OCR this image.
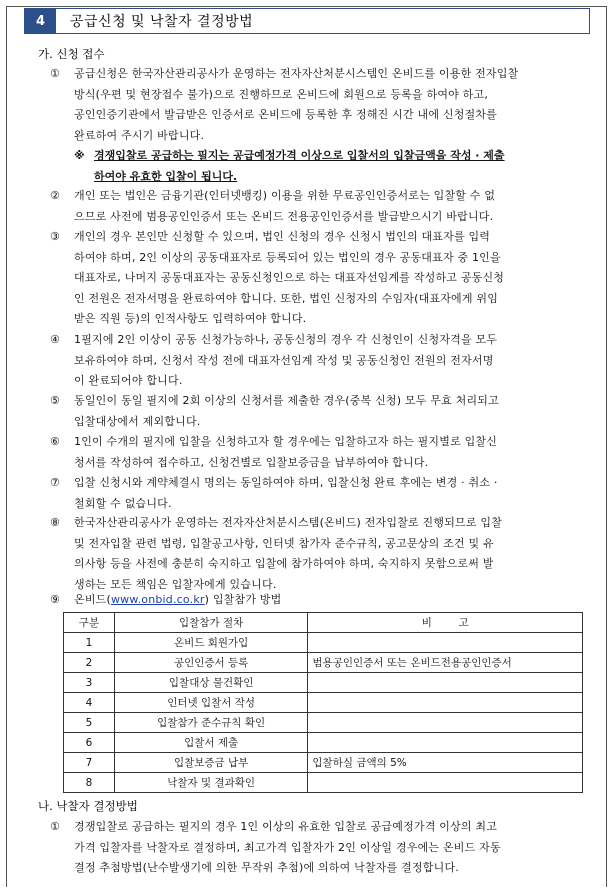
4	공급신청 및 낙찰자 결정방법
가. 신청 접수
①	공급신청은 한국자산관리공사가 운영하는 전자자산처분시스템인 온비드를 이용한 전자입찰
방식(우편 및 현장접수 불가)으로 진행하므로 온비드에 회원으로 등록을 하여야 하고,
공인인증기관에서 발급받은 인증서로 온비드에 등록한 후 정해진 시간 내에 신청절차를
완료하여 주시기 바랍니다.
※ 경쟁입찰로 공급하는 필지는 공급예정가격 이상으로 입찰서의 입찰금액을 작성 · 제출
하여야 유효한 입찰이 됩니다.
②	개인 또는 법인은 금융기관(인터넷뱅킹) 이용을 위한 무료공인인증서로는 입찰할 수 없
으므로 사전에 범용공인인증서 또는 온비드 전용공인인증서를 발급받으시기 바랍니다.
③	개인의 경우 본인만 신청할 수 있으며, 법인 신청의 경우 신청시 법인의 대표자를 입력
하여야 하며, 2인 이상의 공동대표자로 등록되어 있는 법인의 경우 공동대표자 중 1인을
대표자로, 나머지 공동대표자는 공동신청인으로 하는 대표자선임계를 작성하고 공동신청
인 전원은 전자서명을 완료하여야 합니다. 또한, 법인 신청자의 수임자(대표자에게 위임
받은 직원 등)의 인적사항도 입력하여야 합니다.
④	1필지에 2인 이상이 공동 신청가능하나, 공동신청의 경우 각 신청인이 신청자격을 모두
보유하여야 하며, 신청서 작성 전에 대표자선임계 작성 및 공동신청인 전원의 전자서명
이 완료되어야 합니다.
⑤	동일인이 동일 필지에 2회 이상의 신청서를 제출한 경우(중복 신청) 모두 무효 처리되고
입찰대상에서 제외합니다.
⑥	1인이 수개의 필지에 입찰을 신청하고자 할 경우에는 입찰하고자 하는 필지별로 입찰신
청서를 작성하여 접수하고, 신청건별로 입찰보증금을 납부하여야 합니다.
⑦	입찰 신청시와 계약체결시 명의는 동일하여야 하며, 입찰신청 완료 후에는 변경 · 취소 ·
철회할 수 없습니다.
⑧	한국자산관리공사가 운영하는 전자자산처분시스템(온비드) 전자입찰로 진행되므로 입찰
및 전자입찰 관련 법령, 입찰공고사항, 인터넷 참가자 준수규칙, 공고문상의 조건 및 유
의사항 등을 사전에 충분히 숙지하고 입찰에 참가하여야 하며, 숙지하지 못함으로써 발
생하는 모든 책임은 입찰자에게 있습니다.
⑨	온비드(www.onbid.co.kr) 입찰참가 방법
구분	입찰참가 절차	비        고
1	온비드 회원가입	
2	공인인증서 등록	범용공인인증서 또는 온비드전용공인인증서
3	입찰대상 물건확인	
4	인터넷 입찰서 작성	
5	입찰참가 준수규칙 확인	
6	입찰서 제출	
7	입찰보증금 납부	입찰하실 금액의 5%
8	낙찰자 및 결과확인	
나. 낙찰자 결정방법
①	경쟁입찰로 공급하는 필지의 경우 1인 이상의 유효한 입찰로 공급예정가격 이상의 최고
가격 입찰자를 낙찰자로 결정하며, 최고가격 입찰자가 2인 이상일 경우에는 온비드 자동
결정 추첨방법(난수발생기에 의한 무작위 추첨)에 의하여 낙찰자를 결정합니다.
